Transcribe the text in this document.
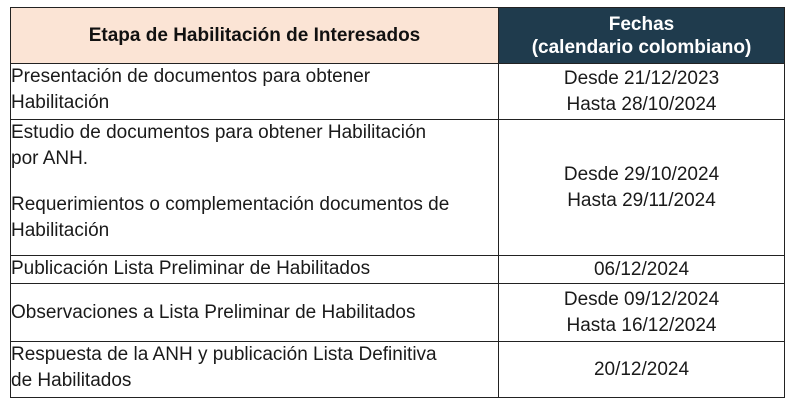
Etapa de Habilitación de Interesados	Fechas
(calendario colombiano)

Presentación de documentos para obtener
Habilitación	Desde 21/12/2023
Hasta 28/10/2024

Estudio de documentos para obtener Habilitación
por ANH.
Requerimientos o complementación documentos de
Habilitación	Desde 29/10/2024
Hasta 29/11/2024

Publicación Lista Preliminar de Habilitados	06/12/2024

Observaciones a Lista Preliminar de Habilitados	Desde 09/12/2024
Hasta 16/12/2024

Respuesta de la ANH y publicación Lista Definitiva
de Habilitados	20/12/2024
